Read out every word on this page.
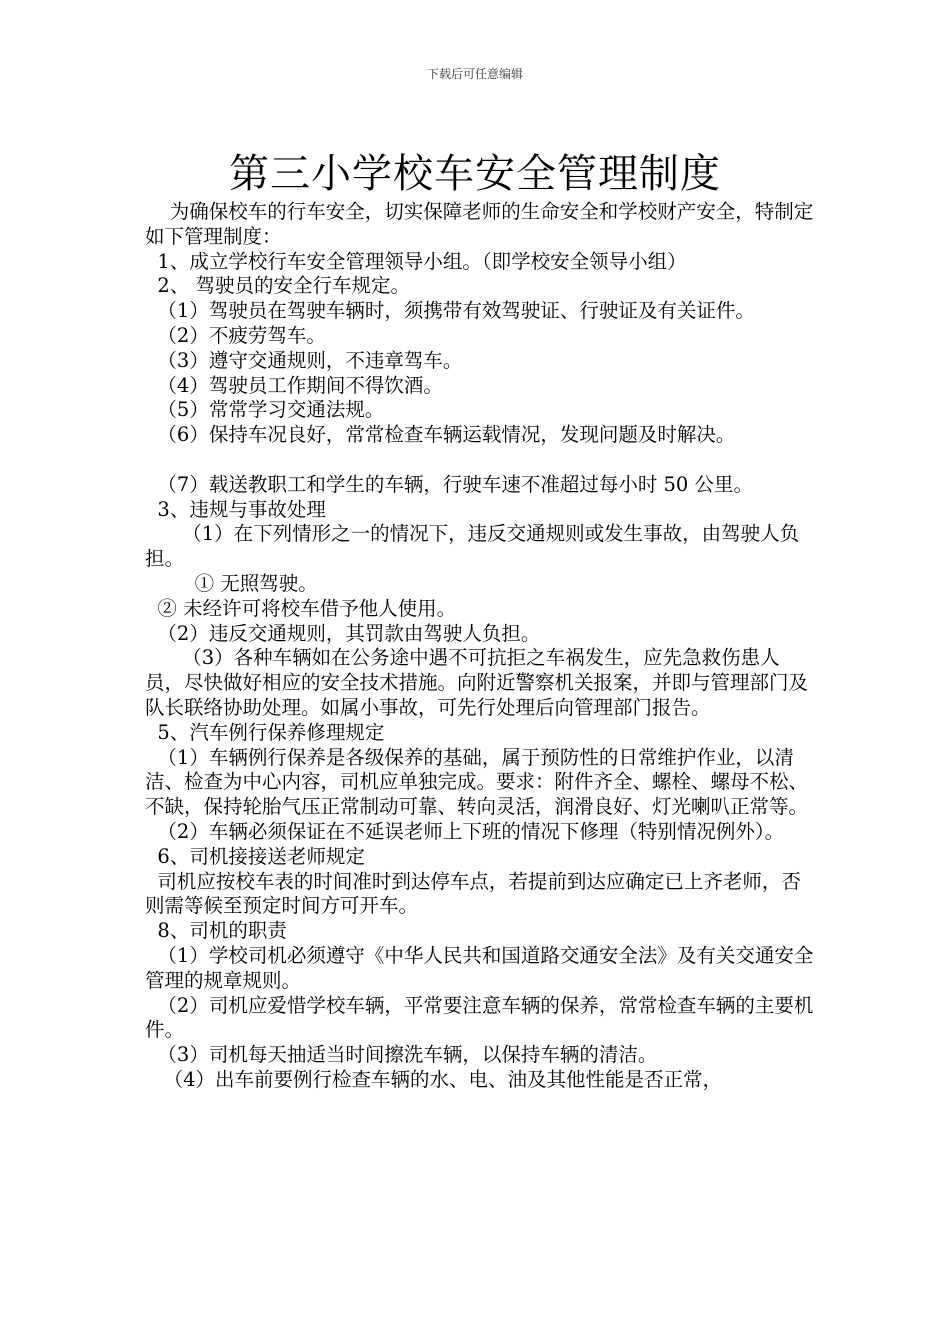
下载后可任意编辑
第三小学校车安全管理制度

为确保校车的行车安全，切实保障老师的生命安全和学校财产安全，特制定如下管理制度：

1、成立学校行车安全管理领导小组。（即学校安全领导小组）

2、 驾驶员的安全行车规定。

（1）驾驶员在驾驶车辆时，须携带有效驾驶证、行驶证及有关证件。

（2）不疲劳驾车。

（3）遵守交通规则，不违章驾车。

（4）驾驶员工作期间不得饮酒。

（5）常常学习交通法规。

（6）保持车况良好，常常检查车辆运载情况，发现问题及时解决。

（7）载送教职工和学生的车辆，行驶车速不准超过每小时 50 公里。

3、违规与事故处理

（1）在下列情形之一的情况下，违反交通规则或发生事故，由驾驶人负担。

① 无照驾驶。

② 未经许可将校车借予他人使用。

（2）违反交通规则，其罚款由驾驶人负担。

（3）各种车辆如在公务途中遇不可抗拒之车祸发生，应先急救伤患人员，尽快做好相应的安全技术措施。向附近警察机关报案，并即与管理部门及队长联络协助处理。如属小事故，可先行处理后向管理部门报告。

5、汽车例行保养修理规定

（1）车辆例行保养是各级保养的基础，属于预防性的日常维护作业，以清洁、检查为中心内容，司机应单独完成。要求：附件齐全、螺栓、螺母不松、不缺，保持轮胎气压正常制动可靠、转向灵活，润滑良好、灯光喇叭正常等。

（2）车辆必须保证在不延误老师上下班的情况下修理（特别情况例外）。

6、司机接接送老师规定

司机应按校车表的时间准时到达停车点，若提前到达应确定已上齐老师，否则需等候至预定时间方可开车。

8、司机的职责

（1）学校司机必须遵守《中华人民共和国道路交通安全法》及有关交通安全管理的规章规则。

（2）司机应爱惜学校车辆，平常要注意车辆的保养，常常检查车辆的主要机件。

（3）司机每天抽适当时间擦洗车辆，以保持车辆的清洁。

（4）出车前要例行检查车辆的水、电、油及其他性能是否正常，
